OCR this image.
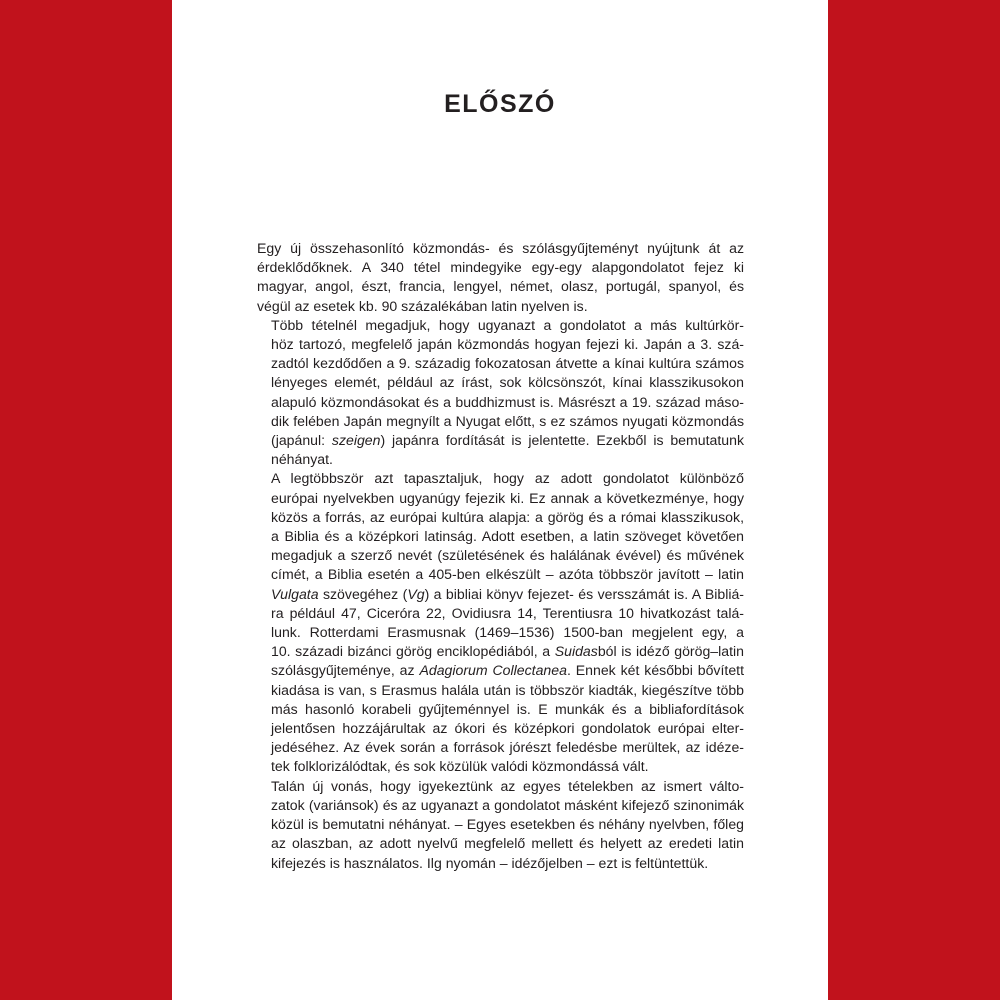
ELŐSZÓ

Egy új összehasonlító közmondás- és szólásgyűjteményt nyújtunk át az
érdeklődőknek. A 340 tétel mindegyike egy-egy alapgondolatot fejez ki
magyar, angol, észt, francia, lengyel, német, olasz, portugál, spanyol, és
végül az esetek kb. 90 százalékában latin nyelven is.

Több tételnél megadjuk, hogy ugyanazt a gondolatot a más kultúrkör-
höz tartozó, megfelelő japán közmondás hogyan fejezi ki. Japán a 3. szá-
zadtól kezdődően a 9. századig fokozatosan átvette a kínai kultúra számos
lényeges elemét, például az írást, sok kölcsönszót, kínai klasszikusokon
alapuló közmondásokat és a buddhizmust is. Másrészt a 19. század máso-
dik felében Japán megnyílt a Nyugat előtt, s ez számos nyugati közmondás
(japánul: szeigen) japánra fordítását is jelentette. Ezekből is bemutatunk
néhányat.

A legtöbbször azt tapasztaljuk, hogy az adott gondolatot különböző
európai nyelvekben ugyanúgy fejezik ki. Ez annak a következménye, hogy
közös a forrás, az európai kultúra alapja: a görög és a római klasszikusok,
a Biblia és a középkori latinság. Adott esetben, a latin szöveget követően
megadjuk a szerző nevét (születésének és halálának évével) és művének
címét, a Biblia esetén a 405-ben elkészült – azóta többször javított – latin
Vulgata szövegéhez (Vg) a bibliai könyv fejezet- és versszámát is. A Bibliá-
ra például 47, Ciceróra 22, Ovidiusra 14, Terentiusra 10 hivatkozást talá-
lunk. Rotterdami Erasmusnak (1469–1536) 1500-ban megjelent egy, a
10. századi bizánci görög enciklopédiából, a Suidasból is idéző görög–latin
szólásgyűjteménye, az Adagiorum Collectanea. Ennek két későbbi bővített
kiadása is van, s Erasmus halála után is többször kiadták, kiegészítve több
más hasonló korabeli gyűjteménnyel is. E munkák és a bibliafordítások
jelentősen hozzájárultak az ókori és középkori gondolatok európai elter-
jedéséhez. Az évek során a források jórészt feledésbe merültek, az idéze-
tek folklorizálódtak, és sok közülük valódi közmondássá vált.

Talán új vonás, hogy igyekeztünk az egyes tételekben az ismert válto-
zatok (variánsok) és az ugyanazt a gondolatot másként kifejező szinonimák
közül is bemutatni néhányat. – Egyes esetekben és néhány nyelvben, főleg
az olaszban, az adott nyelvű megfelelő mellett és helyett az eredeti latin
kifejezés is használatos. Ilg nyomán – idézőjelben – ezt is feltüntettük.
